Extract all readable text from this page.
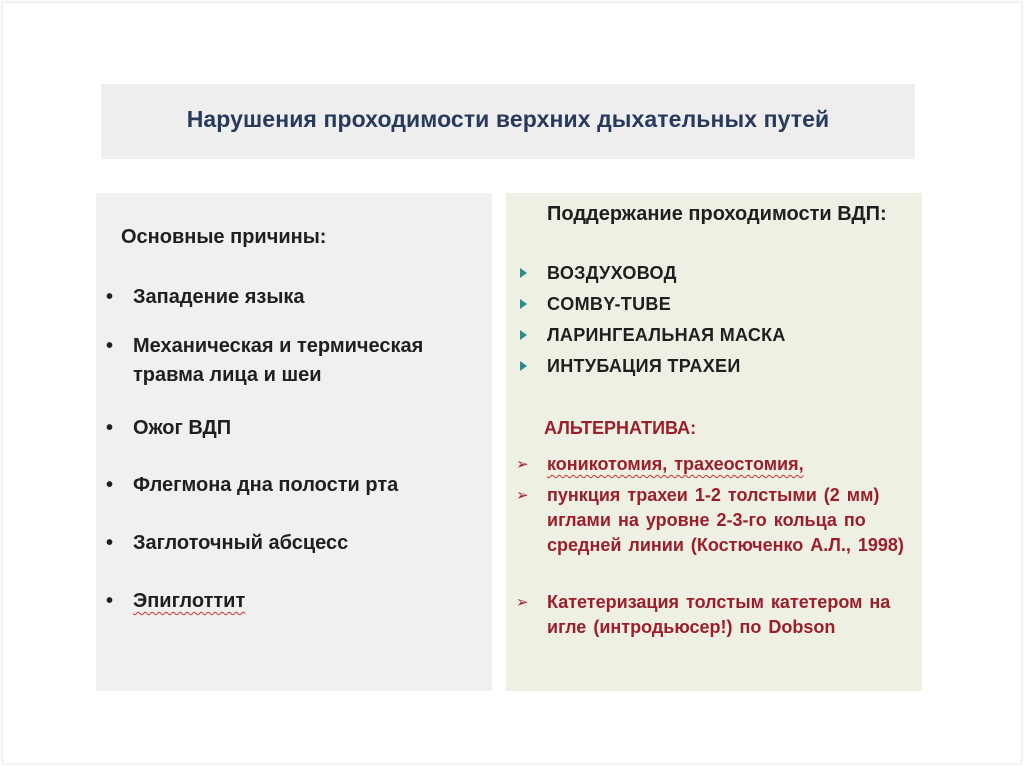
Нарушения проходимости верхних дыхательных путей
Основные причины:
• Западение языка
• Механическая и термическая травма лица и шеи
• Ожог ВДП
• Флегмона дна полости рта
• Заглоточный абсцесс
• Эпиглоттит
Поддержание проходимости ВДП:
ВОЗДУХОВОД
COMBY-TUBE
ЛАРИНГЕАЛЬНАЯ МАСКА
ИНТУБАЦИЯ ТРАХЕИ
АЛЬТЕРНАТИВА:
➢ коникотомия, трахеостомия,
➢ пункция трахеи 1-2 толстыми (2 мм) иглами на уровне 2-3-го кольца по средней линии (Костюченко А.Л., 1998)
➢ Катетеризация толстым катетером на игле (интродьюсер!) по Dobson
